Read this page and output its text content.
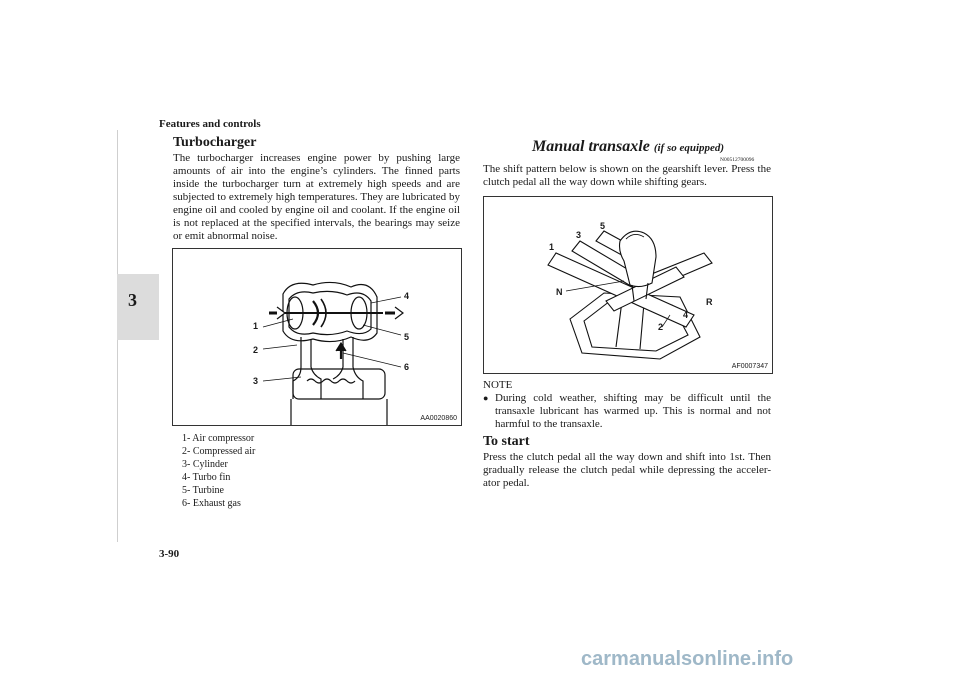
3
Features and controls
Turbocharger
The turbocharger increases engine power by pushing large amounts of air into the engine’s cylinders. The finned parts inside the turbocharger turn at extremely high speeds and are subjected to extremely high temperatures. They are lubricated by engine oil and cooled by engine oil and coolant. If the engine oil is not replaced at the specified intervals, the bearings may seize or emit abnormal noise.
1
2
3
4
5
6
AA0020860
1- Air compressor
2- Compressed air
3- Cylinder
4- Turbo fin
5- Turbine
6- Exhaust gas
Manual transaxle (if so equipped)
N00512700096
The shift pattern below is shown on the gearshift lever. Press the clutch pedal all the way down while shifting gears.
1
3
5
N
R
4
2
AF0007347
NOTE
● During cold weather, shifting may be difficult until the transaxle lubricant has warmed up. This is normal and not harmful to the transaxle.
To start
Press the clutch pedal all the way down and shift into 1st. Then gradually release the clutch pedal while depressing the acceler-ator pedal.
3-90
carmanualsonline.info
